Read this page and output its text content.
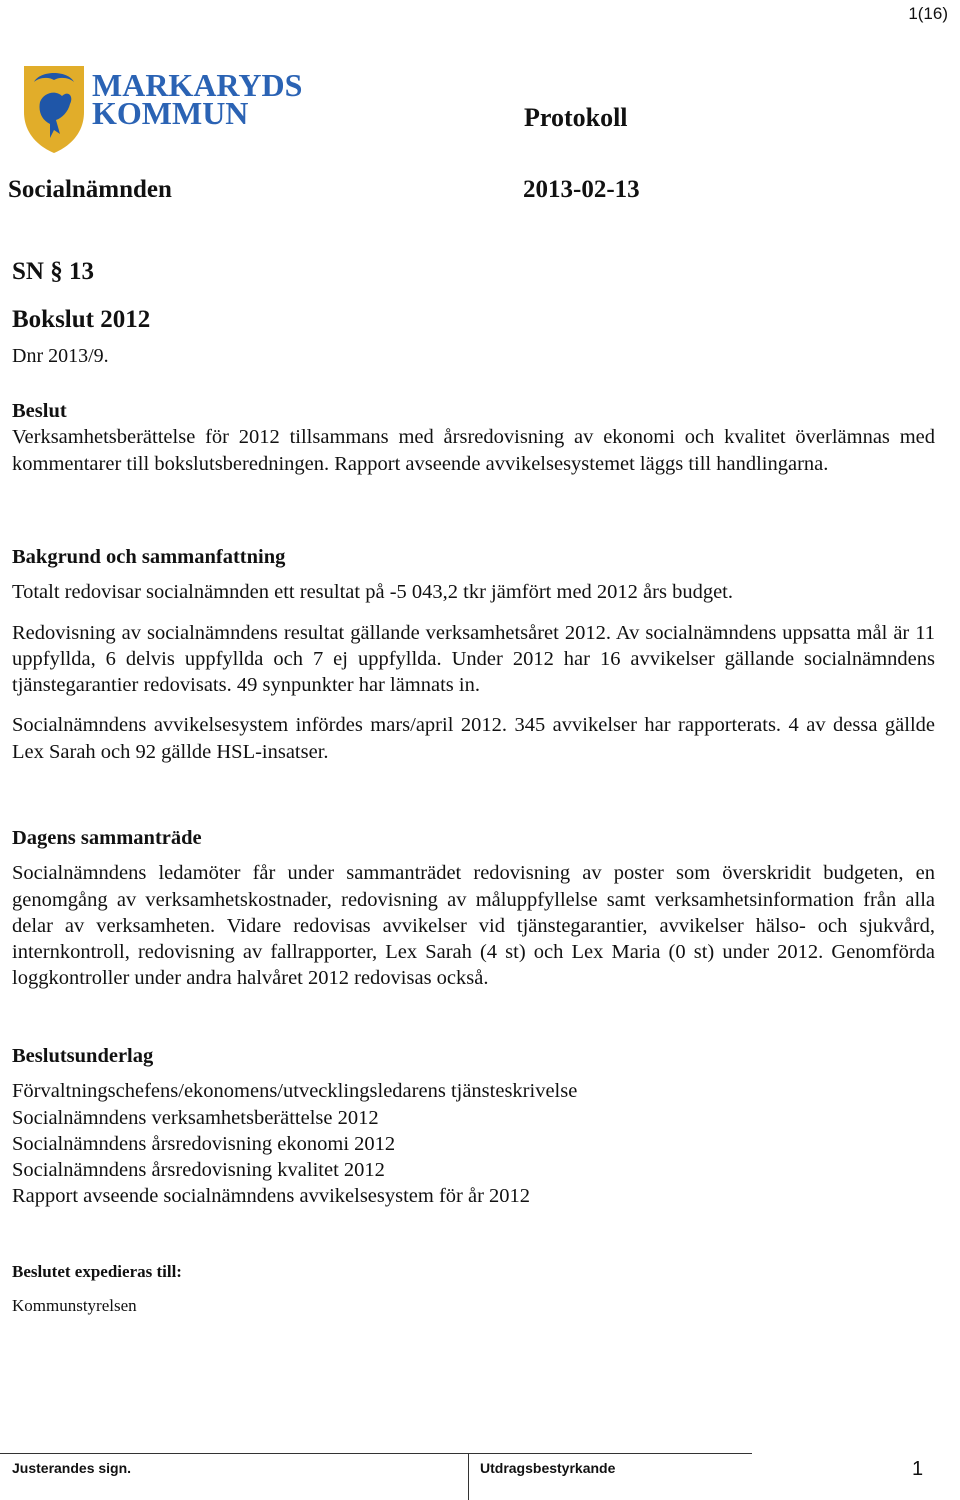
1(16)
MARKARYDS
KOMMUN	Protokoll
Socialnämnden	2013-02-13
SN § 13
Bokslut 2012
Dnr 2013/9.
Beslut

Verksamhetsberättelse för 2012 tillsammans med årsredovisning av ekonomi och kvalitet överlämnas med kommentarer till bokslutsberedningen. Rapport avseende avvikelsesystemet läggs till handlingarna.

Bakgrund och sammanfattning

Totalt redovisar socialnämnden ett resultat på -5 043,2 tkr jämfört med 2012 års budget.

Redovisning av socialnämndens resultat gällande verksamhetsåret 2012. Av socialnämndens uppsatta mål är 11 uppfyllda, 6 delvis uppfyllda och 7 ej uppfyllda. Under 2012 har 16 avvikelser gällande socialnämndens tjänstegarantier redovisats. 49 synpunkter har lämnats in.

Socialnämndens avvikelsesystem infördes mars/april 2012. 345 avvikelser har rapporterats. 4 av dessa gällde Lex Sarah och 92 gällde HSL-insatser.

Dagens sammanträde

Socialnämndens ledamöter får under sammanträdet redovisning av poster som överskridit budgeten, en genomgång av verksamhetskostnader, redovisning av måluppfyllelse samt verksamhetsinformation från alla delar av verksamheten. Vidare redovisas avvikelser vid tjänstegarantier, avvikelser hälso- och sjukvård, internkontroll, redovisning av fallrapporter, Lex Sarah (4 st) och Lex Maria (0 st) under 2012. Genomförda loggkontroller under andra halvåret 2012 redovisas också.

Beslutsunderlag
Förvaltningschefens/ekonomens/utvecklingsledarens tjänsteskrivelse
Socialnämndens verksamhetsberättelse 2012
Socialnämndens årsredovisning ekonomi 2012
Socialnämndens årsredovisning kvalitet 2012
Rapport avseende socialnämndens avvikelsesystem för år 2012
Beslutet expedieras till:
Kommunstyrelsen
Justerandes sign.	Utdragsbestyrkande	1
